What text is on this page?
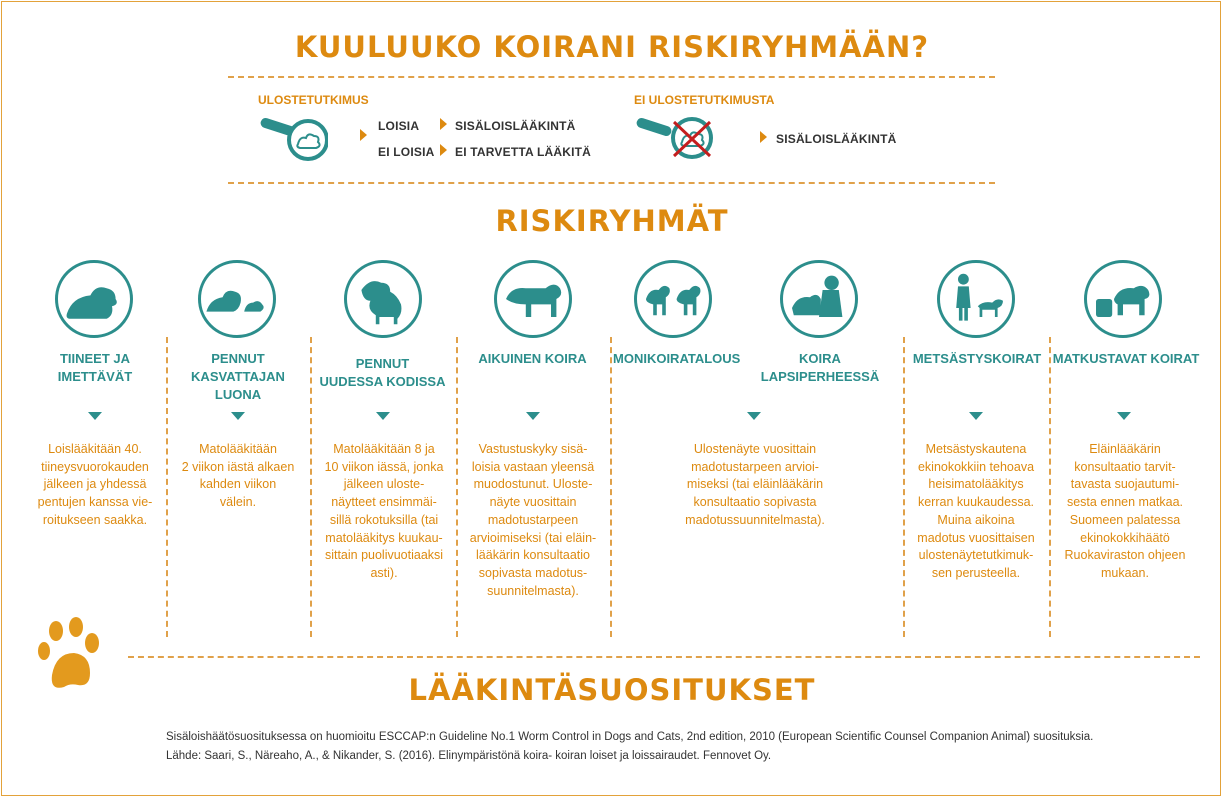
KUULUUKO KOIRANI RISKIRYHMÄÄN?
ULOSTETUTKIMUS
LOISIA
EI LOISIA
SISÄLOISLÄÄKINTÄ
EI TARVETTA LÄÄKITÄ
EI ULOSTETUTKIMUSTA
SISÄLOISLÄÄKINTÄ
RISKIRYHMÄT
TIINEET JA
IMETTÄVÄT
PENNUT
KASVATTAJAN LUONA
PENNUT
UUDESSA KODISSA
AIKUINEN KOIRA	MONIKOIRATALOUS	KOIRA LAPSIPERHEESSÄ
METSÄSTYSKOIRAT MATKUSTAVAT KOIRAT
Loislääkitään 40.
tiineysvuorokauden
jälkeen ja yhdessä
pentujen kanssa vie-
roitukseen saakka.
Matolääkitään
2 viikon iästä alkaen
kahden viikon
välein.
Matolääkitään 8 ja
10 viikon iässä, jonka
jälkeen uloste-
näytteet ensimmäi-
sillä rokotuksilla (tai
matolääkitys kuukau-
sittain puolivuotiaaksi
asti).
Vastustuskyky sisä-
loisia vastaan yleensä
muodostunut. Uloste-
näyte vuosittain
madotustarpeen
arvioimiseksi (tai eläin-
lääkärin konsultaatio
sopivasta madotus-
suunnitelmasta).
Ulostenäyte vuosittain
madotustarpeen arvioi-
miseksi (tai eläinlääkärin
konsultaatio sopivasta
madotussuunnitelmasta).
Metsästyskautena
ekinokokkiin tehoava
heisimatolääkitys
kerran kuukaudessa.
Muina aikoina
madotus vuosittaisen
ulostenäytetutkimuk-
sen perusteella.
Eläinlääkärin
konsultaatio tarvit-
tavasta suojautumi-
sesta ennen matkaa.
Suomeen palatessa
ekinokokkihäätö
Ruokaviraston ohjeen
mukaan.
LÄÄKINTÄSUOSITUKSET
Sisäloishäätösuosituksessa on huomioitu ESCCAP:n Guideline No.1 Worm Control in Dogs and Cats, 2nd edition, 2010 (European Scientific Counsel Companion Animal) suosituksia.
Lähde: Saari, S., Näreaho, A., & Nikander, S. (2016). Elinympäristönä koira- koiran loiset ja loissairaudet. Fennovet Oy.
